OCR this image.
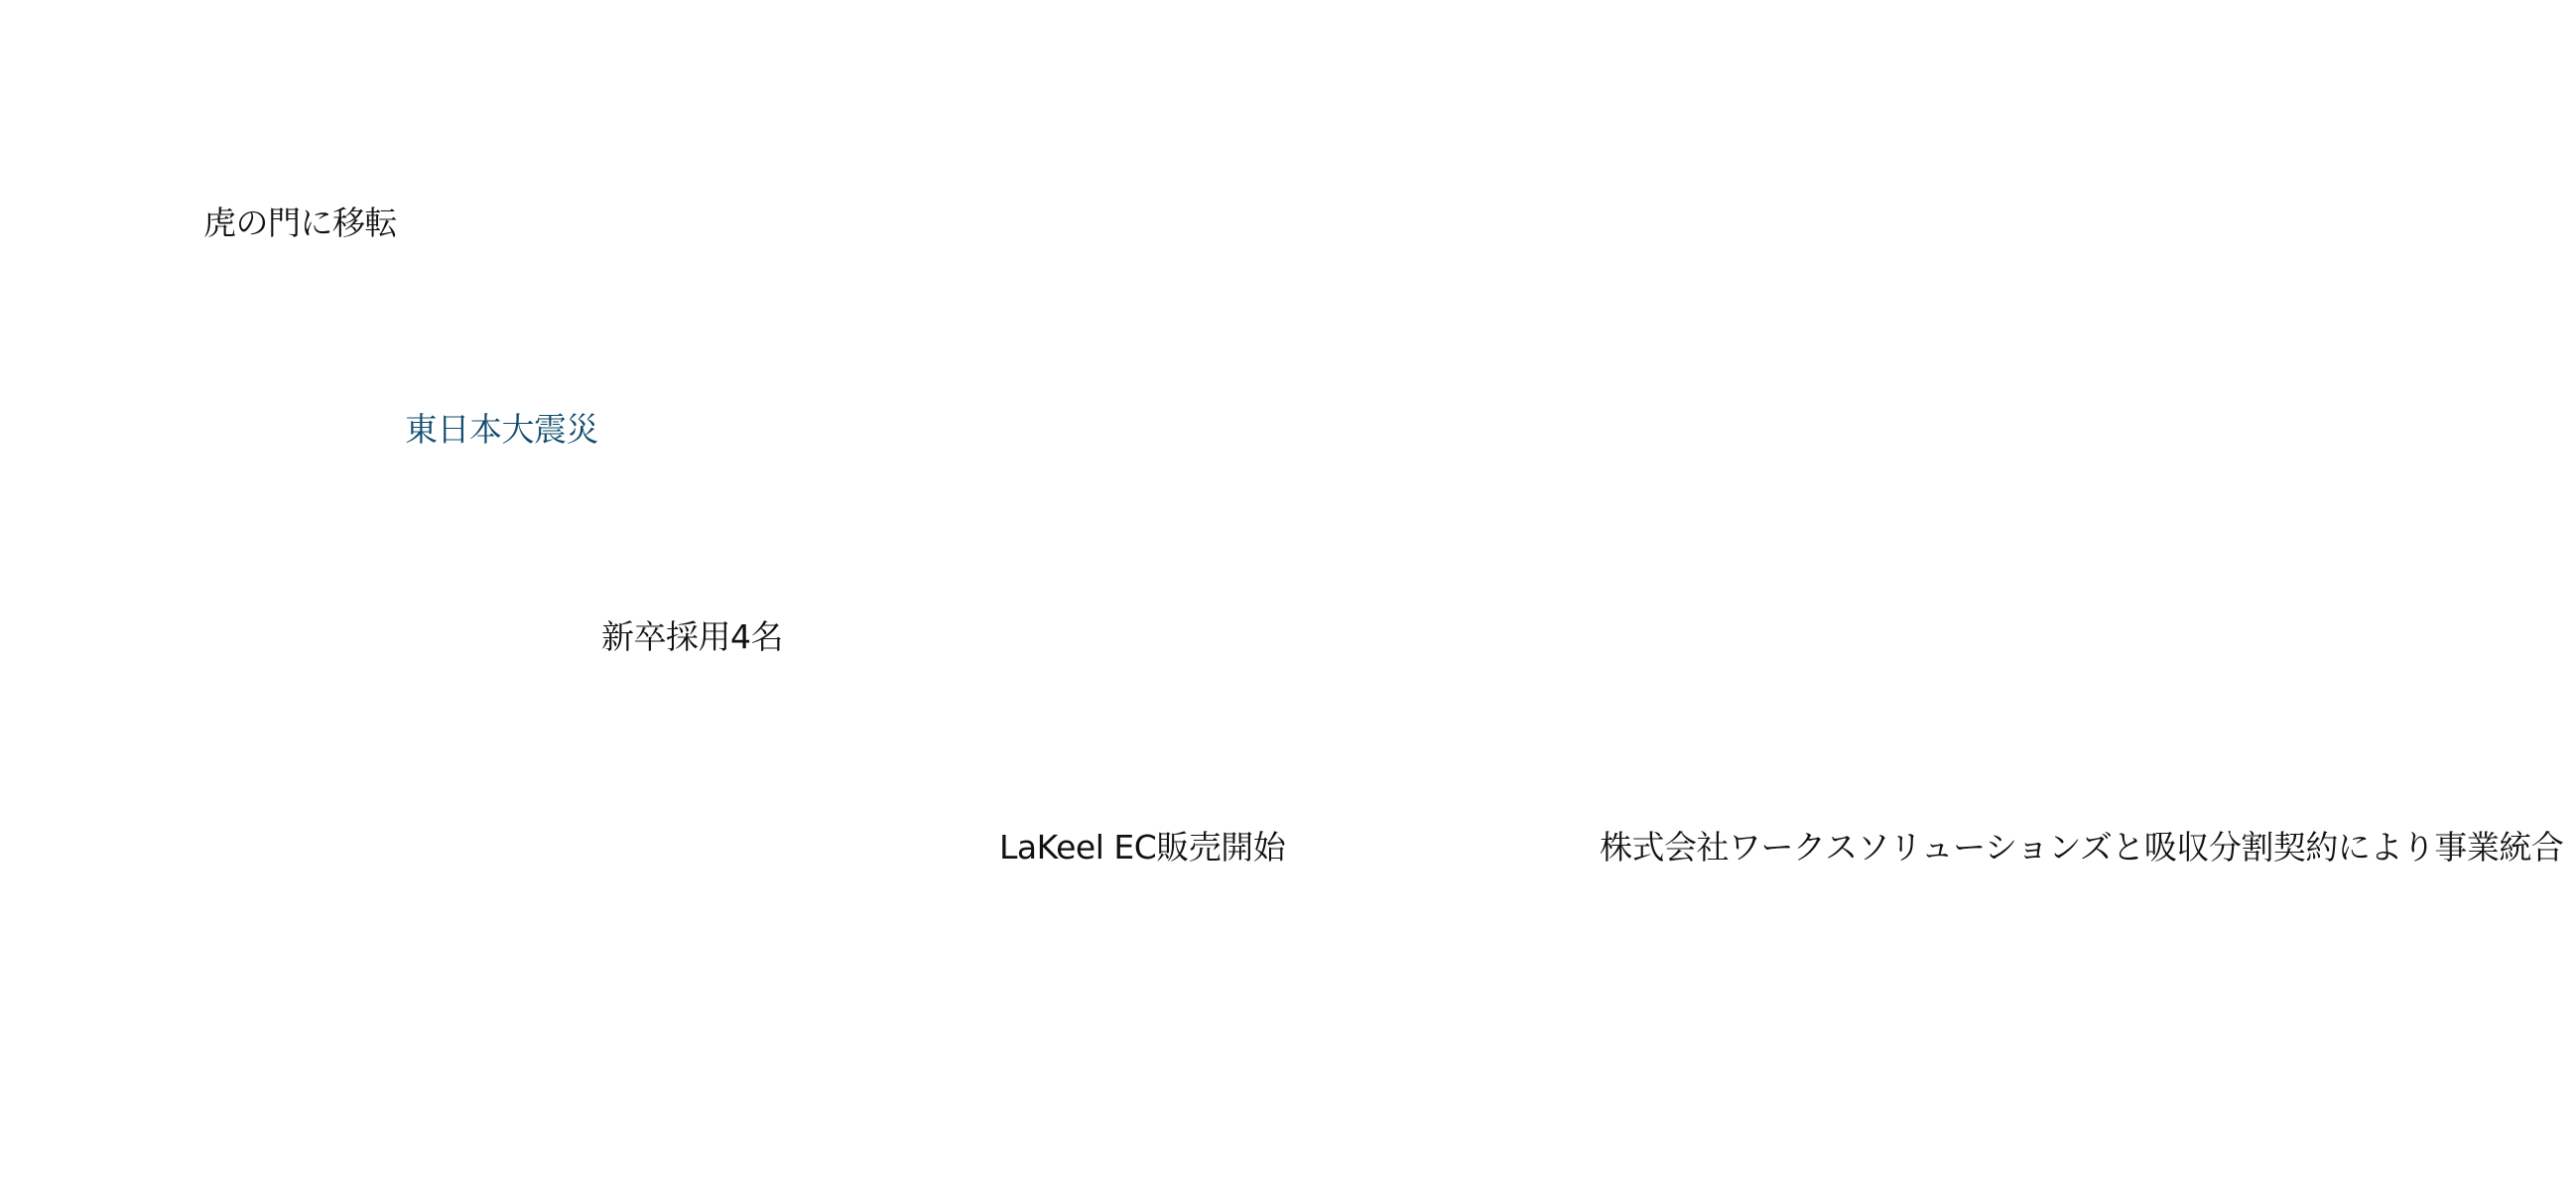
虎の門に移転
東日本大震災
新卒採用4名
LaKeel EC販売開始	株式会社ワークスソリューションズと吸収分割契約により事業統合
